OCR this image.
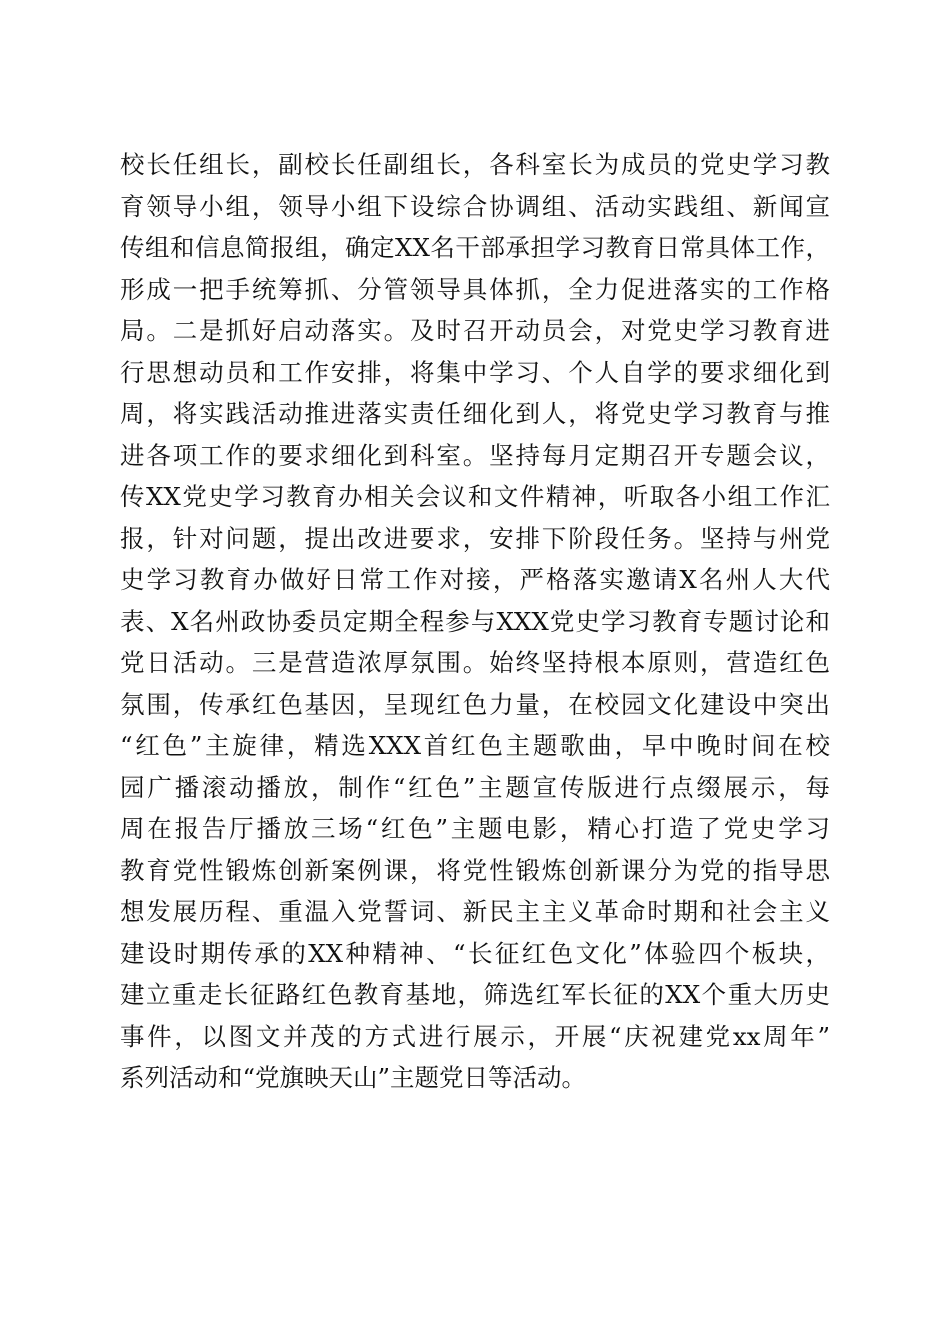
校长任组长，副校长任副组长，各科室长为成员的党史学习教
育领导小组，领导小组下设综合协调组、活动实践组、新闻宣
传组和信息简报组，确定XX名干部承担学习教育日常具体工作，
形成一把手统筹抓、分管领导具体抓，全力促进落实的工作格
局。二是抓好启动落实。及时召开动员会，对党史学习教育进
行思想动员和工作安排，将集中学习、个人自学的要求细化到
周，将实践活动推进落实责任细化到人，将党史学习教育与推
进各项工作的要求细化到科室。坚持每月定期召开专题会议，
传XX党史学习教育办相关会议和文件精神，听取各小组工作汇
报，针对问题，提出改进要求，安排下阶段任务。坚持与州党
史学习教育办做好日常工作对接，严格落实邀请X名州人大代
表、X名州政协委员定期全程参与XXX党史学习教育专题讨论和
党日活动。三是营造浓厚氛围。始终坚持根本原则，营造红色
氛围，传承红色基因，呈现红色力量，在校园文化建设中突出
“红色”主旋律，精选XXX首红色主题歌曲，早中晚时间在校
园广播滚动播放，制作“红色”主题宣传版进行点缀展示，每
周在报告厅播放三场“红色”主题电影，精心打造了党史学习
教育党性锻炼创新案例课，将党性锻炼创新课分为党的指导思
想发展历程、重温入党誓词、新民主主义革命时期和社会主义
建设时期传承的XX种精神、“长征红色文化”体验四个板块，
建立重走长征路红色教育基地，筛选红军长征的XX个重大历史
事件，以图文并茂的方式进行展示，开展“庆祝建党xx周年”
系列活动和“党旗映天山”主题党日等活动。
